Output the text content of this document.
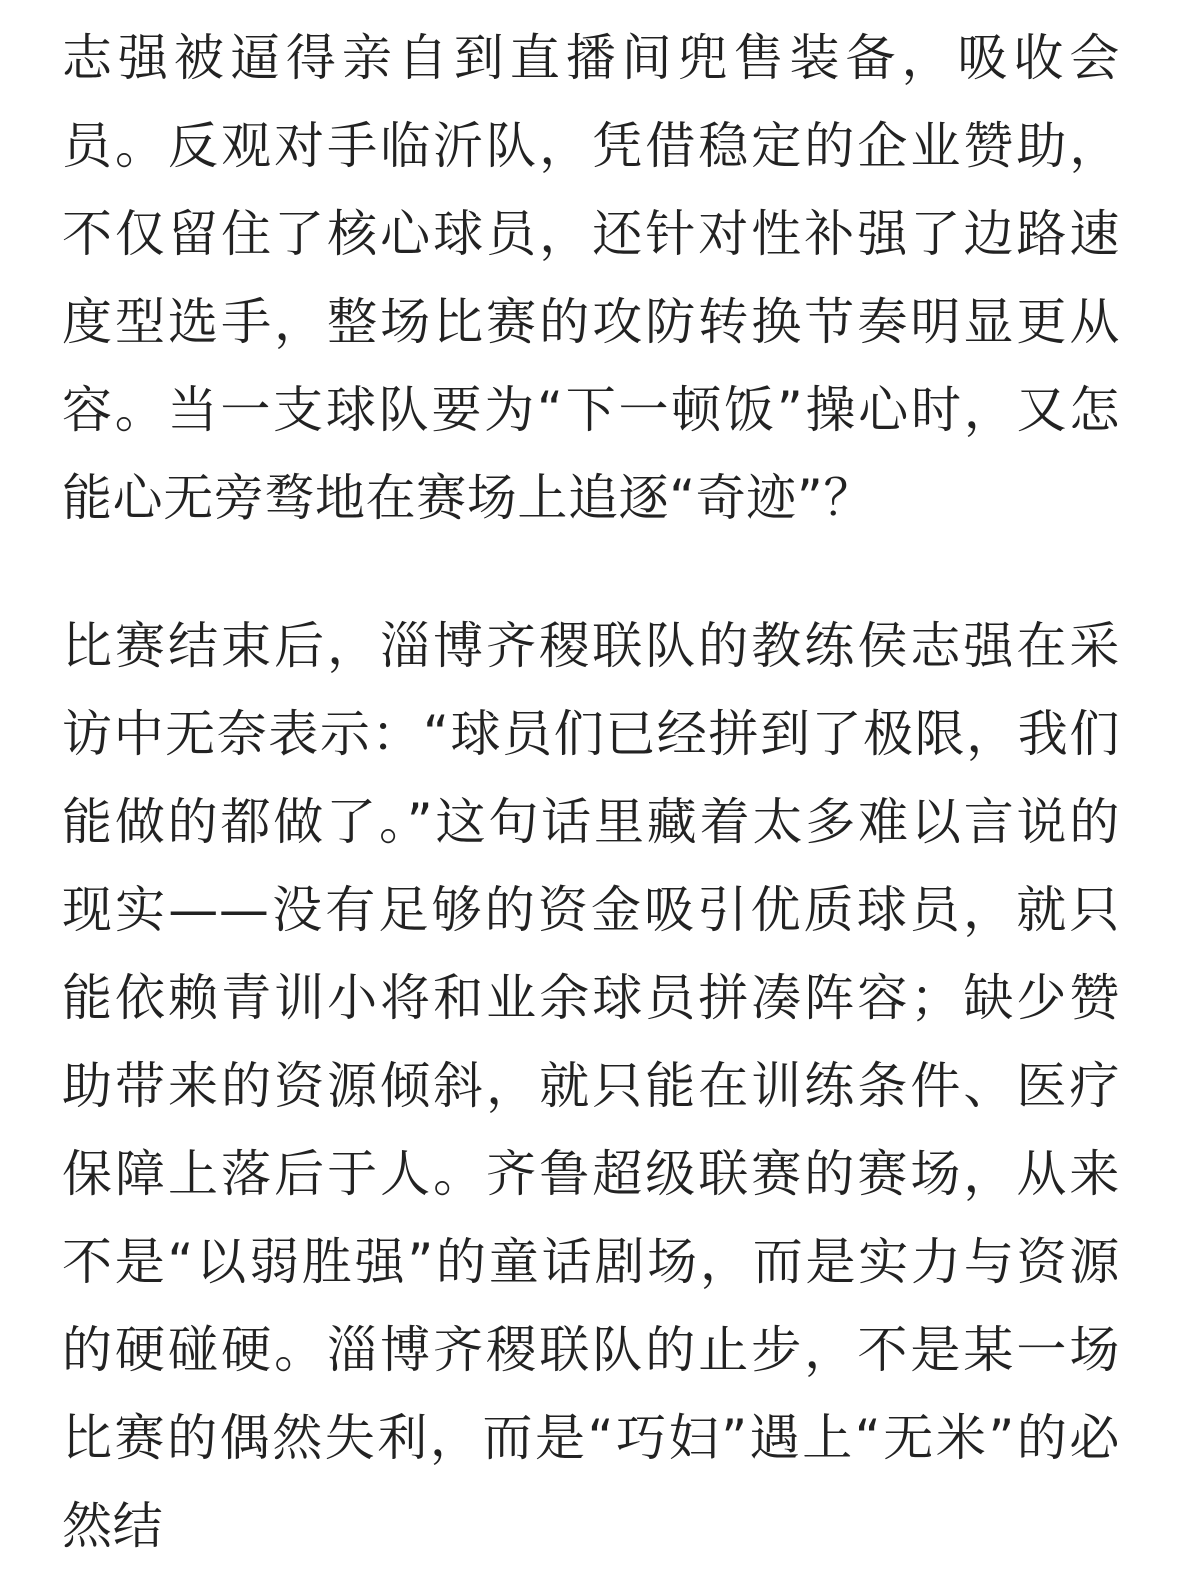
志强被逼得亲自到直播间兜售装备，吸收会员。反观对手临沂队，凭借稳定的企业赞助，不仅留住了核心球员，还针对性补强了边路速度型选手，整场比赛的攻防转换节奏明显更从容。当一支球队要为“下一顿饭”操心时，又怎能心无旁骛地在赛场上追逐“奇迹”？

比赛结束后，淄博齐稷联队的教练侯志强在采访中无奈表示：“球员们已经拼到了极限，我们能做的都做了。”这句话里藏着太多难以言说的现实——没有足够的资金吸引优质球员，就只能依赖青训小将和业余球员拼凑阵容；缺少赞助带来的资源倾斜，就只能在训练条件、医疗保障上落后于人。齐鲁超级联赛的赛场，从来不是“以弱胜强”的童话剧场，而是实力与资源的硬碰硬。淄博齐稷联队的止步，不是某一场比赛的偶然失利，而是“巧妇”遇上“无米”的必然结
